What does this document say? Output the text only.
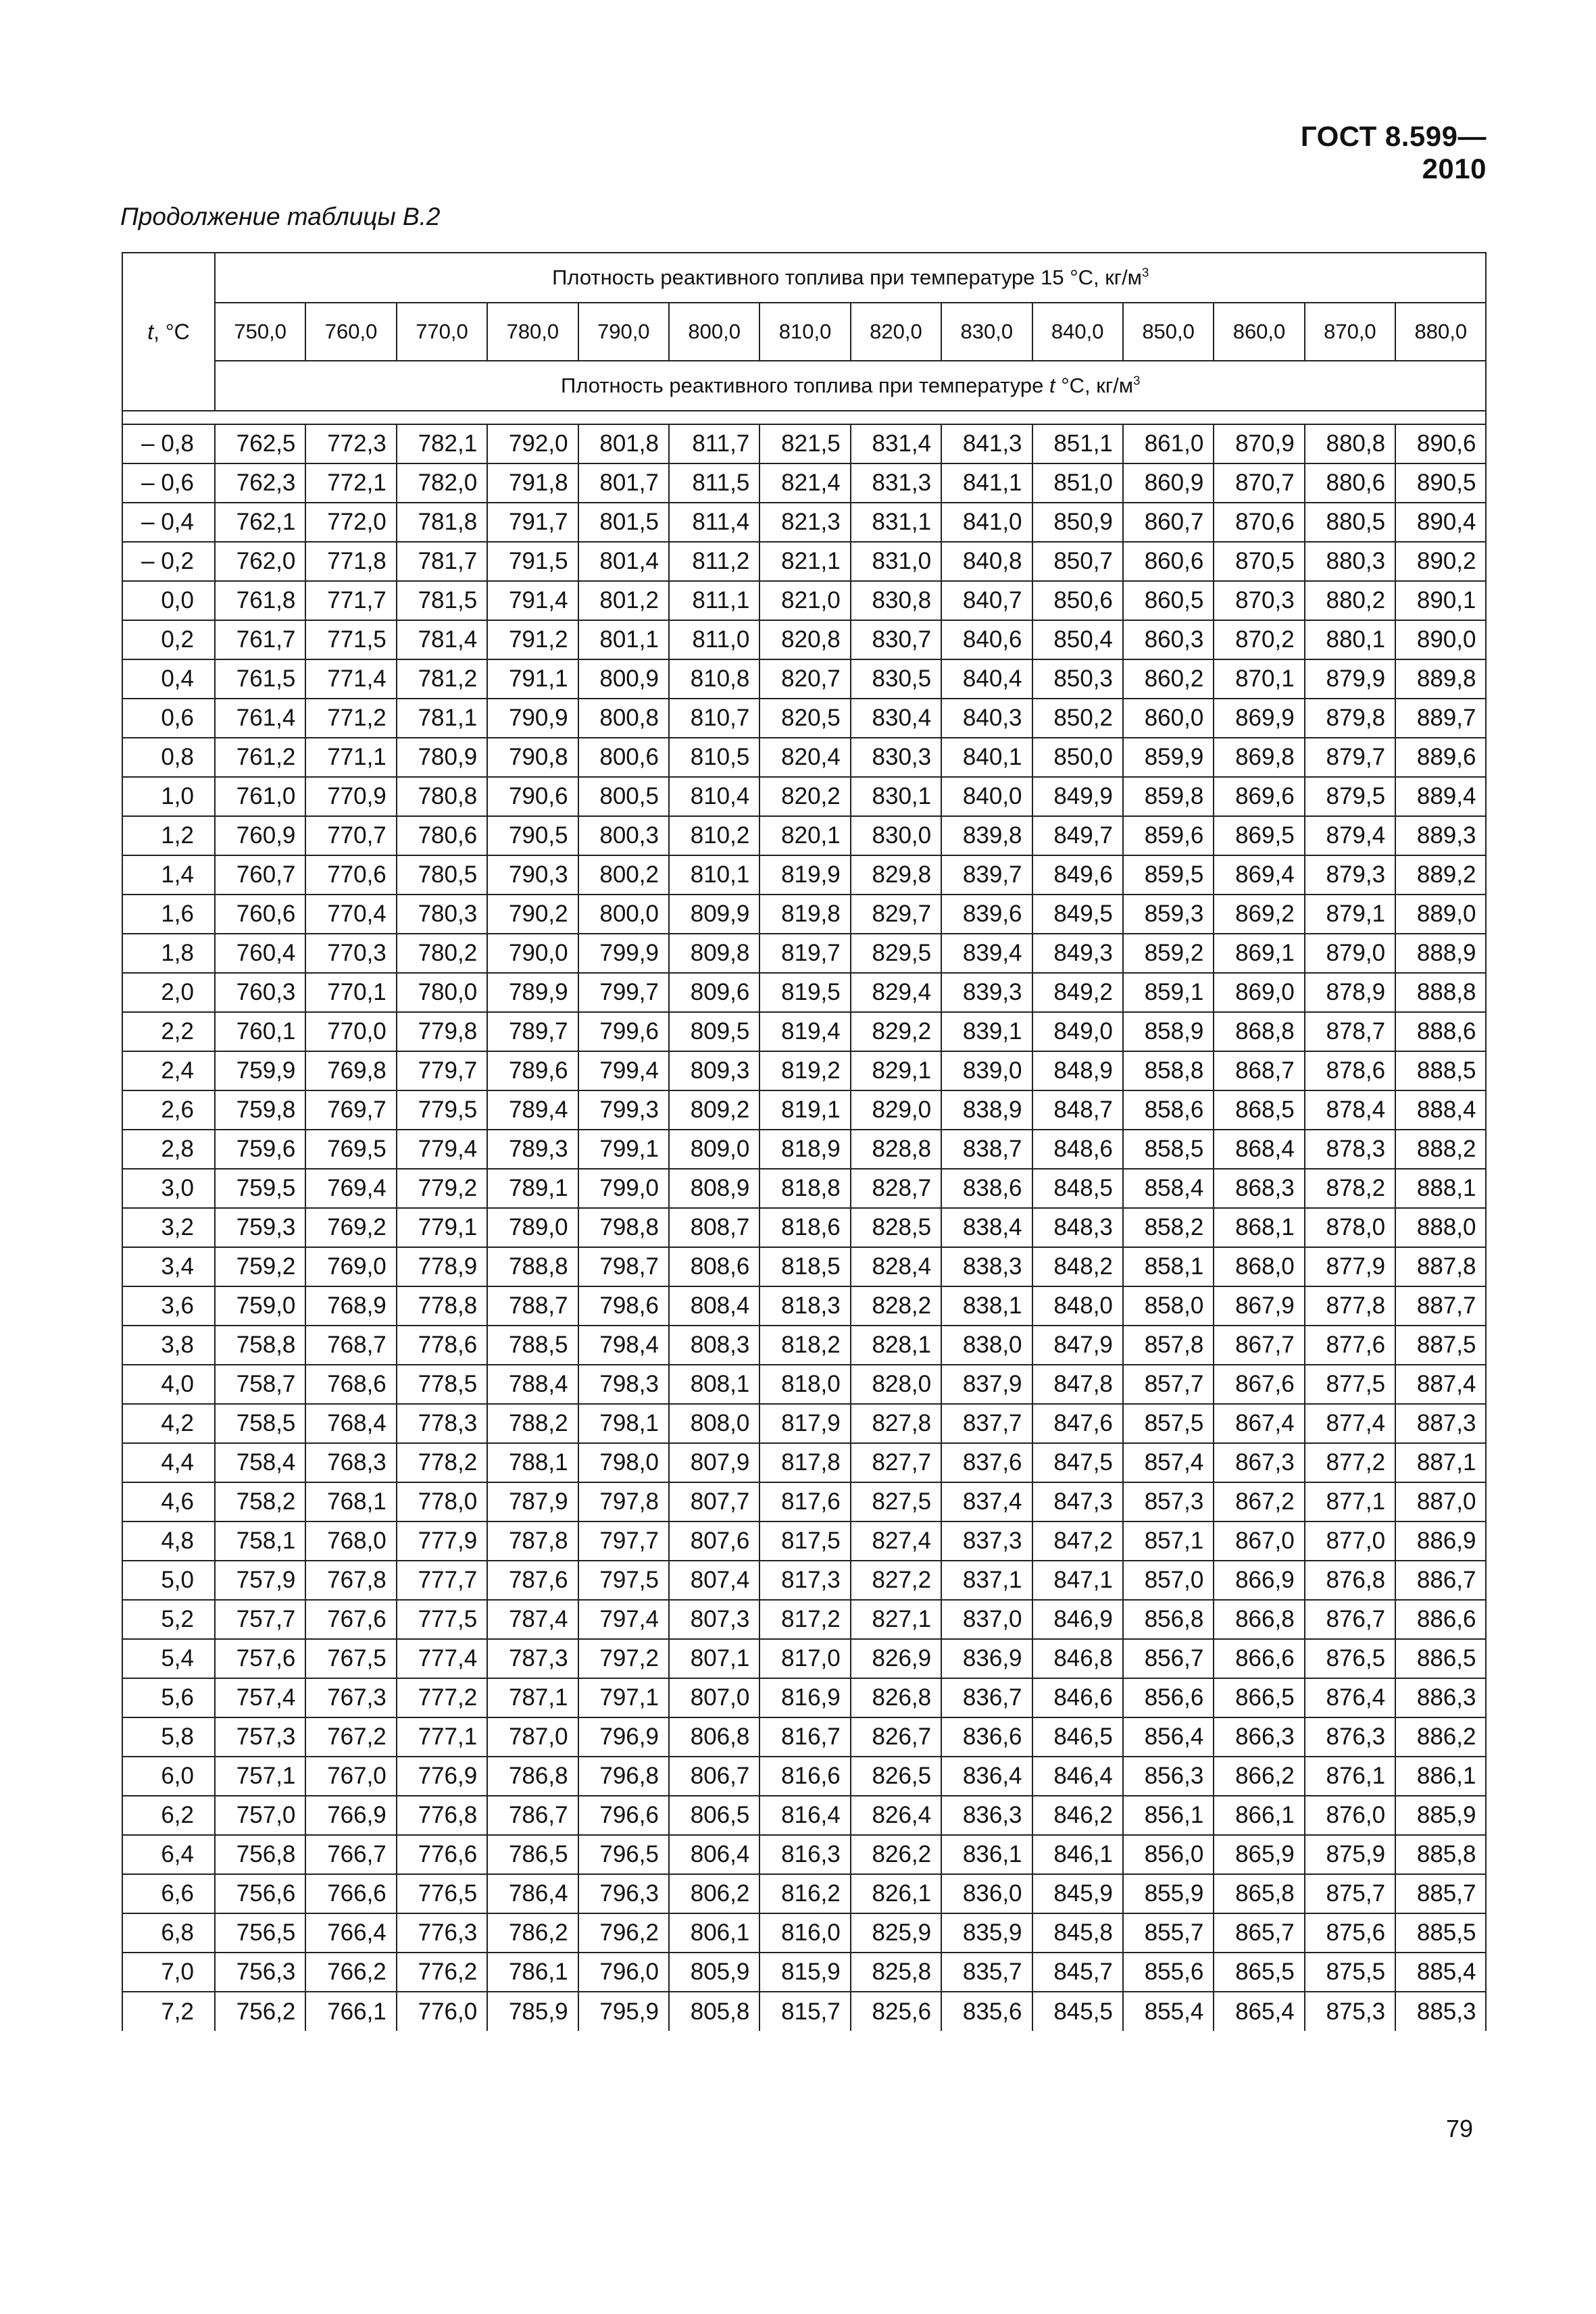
ГОСТ 8.599—2010
Продолжение таблицы В.2
t, °C	Плотность реактивного топлива при температуре 15 °С, $кг/м^3$
	750,0	760,0	770,0	780,0	790,0	800,0	810,0	820,0	830,0	840,0	850,0	860,0	870,0	880,0
	Плотность реактивного топлива при температуре t °С, $кг/м^3$

– 0,8	762,5	772,3	782,1	792,0	801,8	811,7	821,5	831,4	841,3	851,1	861,0	870,9	880,8	890,6
– 0,6	762,3	772,1	782,0	791,8	801,7	811,5	821,4	831,3	841,1	851,0	860,9	870,7	880,6	890,5
– 0,4	762,1	772,0	781,8	791,7	801,5	811,4	821,3	831,1	841,0	850,9	860,7	870,6	880,5	890,4
– 0,2	762,0	771,8	781,7	791,5	801,4	811,2	821,1	831,0	840,8	850,7	860,6	870,5	880,3	890,2
0,0	761,8	771,7	781,5	791,4	801,2	811,1	821,0	830,8	840,7	850,6	860,5	870,3	880,2	890,1
0,2	761,7	771,5	781,4	791,2	801,1	811,0	820,8	830,7	840,6	850,4	860,3	870,2	880,1	890,0
0,4	761,5	771,4	781,2	791,1	800,9	810,8	820,7	830,5	840,4	850,3	860,2	870,1	879,9	889,8
0,6	761,4	771,2	781,1	790,9	800,8	810,7	820,5	830,4	840,3	850,2	860,0	869,9	879,8	889,7
0,8	761,2	771,1	780,9	790,8	800,6	810,5	820,4	830,3	840,1	850,0	859,9	869,8	879,7	889,6
1,0	761,0	770,9	780,8	790,6	800,5	810,4	820,2	830,1	840,0	849,9	859,8	869,6	879,5	889,4
1,2	760,9	770,7	780,6	790,5	800,3	810,2	820,1	830,0	839,8	849,7	859,6	869,5	879,4	889,3
1,4	760,7	770,6	780,5	790,3	800,2	810,1	819,9	829,8	839,7	849,6	859,5	869,4	879,3	889,2
1,6	760,6	770,4	780,3	790,2	800,0	809,9	819,8	829,7	839,6	849,5	859,3	869,2	879,1	889,0
1,8	760,4	770,3	780,2	790,0	799,9	809,8	819,7	829,5	839,4	849,3	859,2	869,1	879,0	888,9
2,0	760,3	770,1	780,0	789,9	799,7	809,6	819,5	829,4	839,3	849,2	859,1	869,0	878,9	888,8
2,2	760,1	770,0	779,8	789,7	799,6	809,5	819,4	829,2	839,1	849,0	858,9	868,8	878,7	888,6
2,4	759,9	769,8	779,7	789,6	799,4	809,3	819,2	829,1	839,0	848,9	858,8	868,7	878,6	888,5
2,6	759,8	769,7	779,5	789,4	799,3	809,2	819,1	829,0	838,9	848,7	858,6	868,5	878,4	888,4
2,8	759,6	769,5	779,4	789,3	799,1	809,0	818,9	828,8	838,7	848,6	858,5	868,4	878,3	888,2
3,0	759,5	769,4	779,2	789,1	799,0	808,9	818,8	828,7	838,6	848,5	858,4	868,3	878,2	888,1
3,2	759,3	769,2	779,1	789,0	798,8	808,7	818,6	828,5	838,4	848,3	858,2	868,1	878,0	888,0
3,4	759,2	769,0	778,9	788,8	798,7	808,6	818,5	828,4	838,3	848,2	858,1	868,0	877,9	887,8
3,6	759,0	768,9	778,8	788,7	798,6	808,4	818,3	828,2	838,1	848,0	858,0	867,9	877,8	887,7
3,8	758,8	768,7	778,6	788,5	798,4	808,3	818,2	828,1	838,0	847,9	857,8	867,7	877,6	887,5
4,0	758,7	768,6	778,5	788,4	798,3	808,1	818,0	828,0	837,9	847,8	857,7	867,6	877,5	887,4
4,2	758,5	768,4	778,3	788,2	798,1	808,0	817,9	827,8	837,7	847,6	857,5	867,4	877,4	887,3
4,4	758,4	768,3	778,2	788,1	798,0	807,9	817,8	827,7	837,6	847,5	857,4	867,3	877,2	887,1
4,6	758,2	768,1	778,0	787,9	797,8	807,7	817,6	827,5	837,4	847,3	857,3	867,2	877,1	887,0
4,8	758,1	768,0	777,9	787,8	797,7	807,6	817,5	827,4	837,3	847,2	857,1	867,0	877,0	886,9
5,0	757,9	767,8	777,7	787,6	797,5	807,4	817,3	827,2	837,1	847,1	857,0	866,9	876,8	886,7
5,2	757,7	767,6	777,5	787,4	797,4	807,3	817,2	827,1	837,0	846,9	856,8	866,8	876,7	886,6
5,4	757,6	767,5	777,4	787,3	797,2	807,1	817,0	826,9	836,9	846,8	856,7	866,6	876,5	886,5
5,6	757,4	767,3	777,2	787,1	797,1	807,0	816,9	826,8	836,7	846,6	856,6	866,5	876,4	886,3
5,8	757,3	767,2	777,1	787,0	796,9	806,8	816,7	826,7	836,6	846,5	856,4	866,3	876,3	886,2
6,0	757,1	767,0	776,9	786,8	796,8	806,7	816,6	826,5	836,4	846,4	856,3	866,2	876,1	886,1
6,2	757,0	766,9	776,8	786,7	796,6	806,5	816,4	826,4	836,3	846,2	856,1	866,1	876,0	885,9
6,4	756,8	766,7	776,6	786,5	796,5	806,4	816,3	826,2	836,1	846,1	856,0	865,9	875,9	885,8
6,6	756,6	766,6	776,5	786,4	796,3	806,2	816,2	826,1	836,0	845,9	855,9	865,8	875,7	885,7
6,8	756,5	766,4	776,3	786,2	796,2	806,1	816,0	825,9	835,9	845,8	855,7	865,7	875,6	885,5
7,0	756,3	766,2	776,2	786,1	796,0	805,9	815,9	825,8	835,7	845,7	855,6	865,5	875,5	885,4
7,2	756,2	766,1	776,0	785,9	795,9	805,8	815,7	825,6	835,6	845,5	855,4	865,4	875,3	885,3
79
